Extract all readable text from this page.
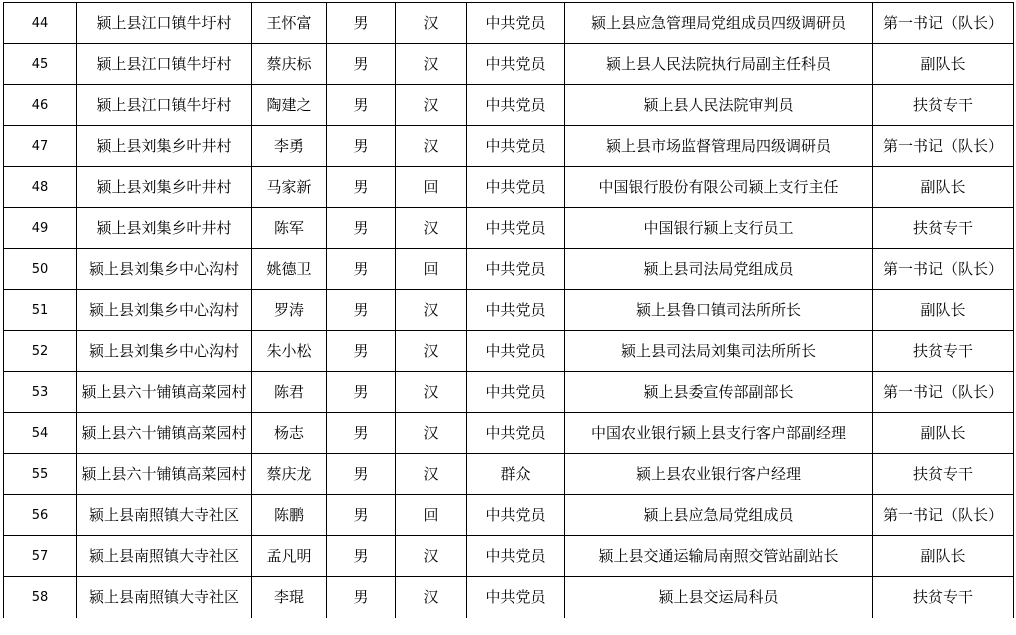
44	颍上县江口镇牛圩村	王怀富	男	汉	中共党员	颍上县应急管理局党组成员四级调研员	第一书记（队长）
45	颍上县江口镇牛圩村	蔡庆标	男	汉	中共党员	颍上县人民法院执行局副主任科员	副队长
46	颍上县江口镇牛圩村	陶建之	男	汉	中共党员	颍上县人民法院审判员	扶贫专干
47	颍上县刘集乡叶井村	李勇	男	汉	中共党员	颍上县市场监督管理局四级调研员	第一书记（队长）
48	颍上县刘集乡叶井村	马家新	男	回	中共党员	中国银行股份有限公司颍上支行主任	副队长
49	颍上县刘集乡叶井村	陈军	男	汉	中共党员	中国银行颍上支行员工	扶贫专干
50	颍上县刘集乡中心沟村	姚德卫	男	回	中共党员	颍上县司法局党组成员	第一书记（队长）
51	颍上县刘集乡中心沟村	罗涛	男	汉	中共党员	颍上县鲁口镇司法所所长	副队长
52	颍上县刘集乡中心沟村	朱小松	男	汉	中共党员	颍上县司法局刘集司法所所长	扶贫专干
53	颍上县六十铺镇高菜园村	陈君	男	汉	中共党员	颍上县委宣传部副部长	第一书记（队长）
54	颍上县六十铺镇高菜园村	杨志	男	汉	中共党员	中国农业银行颍上县支行客户部副经理	副队长
55	颍上县六十铺镇高菜园村	蔡庆龙	男	汉	群众	颍上县农业银行客户经理	扶贫专干
56	颍上县南照镇大寺社区	陈鹏	男	回	中共党员	颍上县应急局党组成员	第一书记（队长）
57	颍上县南照镇大寺社区	孟凡明	男	汉	中共党员	颍上县交通运输局南照交管站副站长	副队长
58	颍上县南照镇大寺社区	李琨	男	汉	中共党员	颍上县交运局科员	扶贫专干
